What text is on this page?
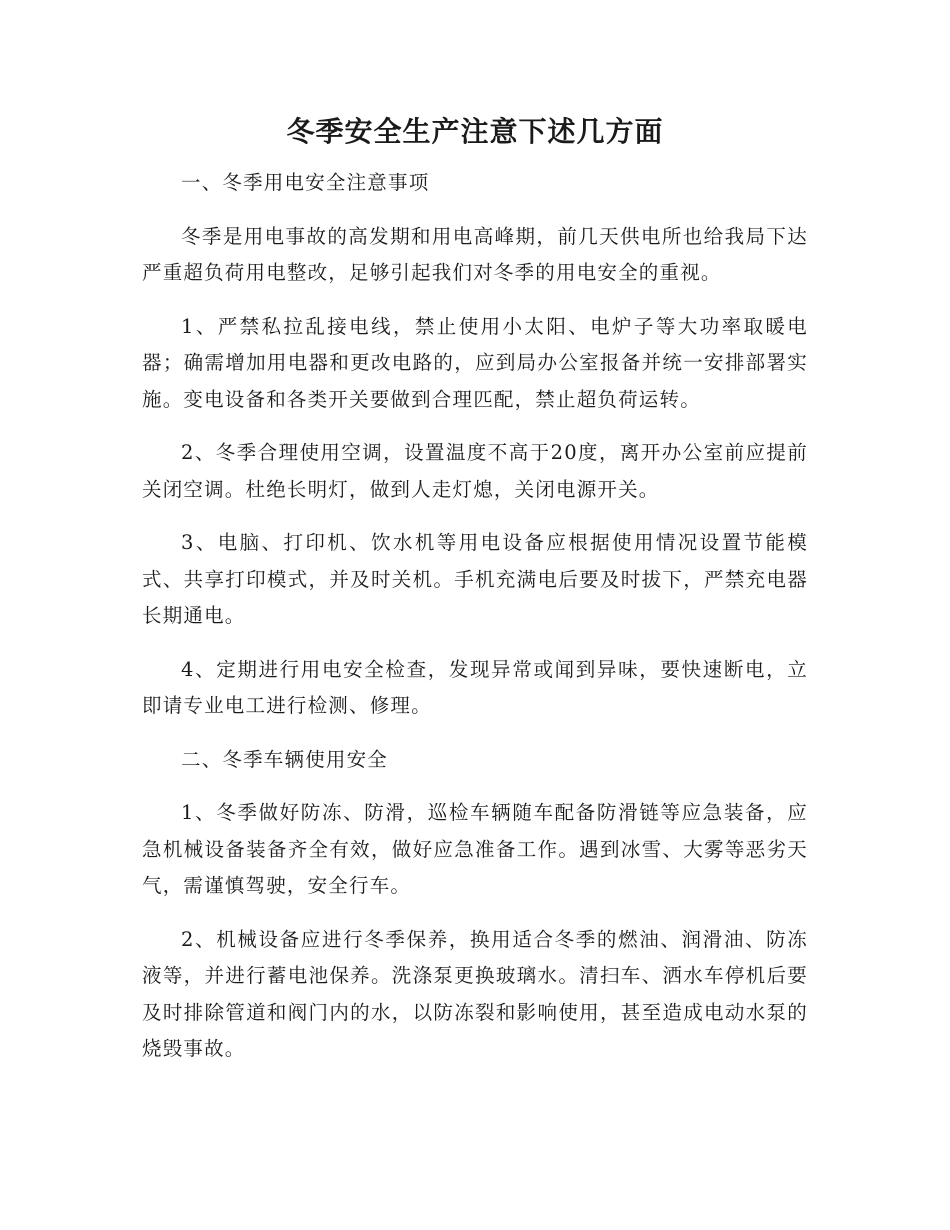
冬季安全生产注意下述几方面

一、冬季用电安全注意事项

冬季是用电事故的高发期和用电高峰期，前几天供电所也给我局下达严重超负荷用电整改，足够引起我们对冬季的用电安全的重视。

1、严禁私拉乱接电线，禁止使用小太阳、电炉子等大功率取暖电器；确需增加用电器和更改电路的，应到局办公室报备并统一安排部署实施。变电设备和各类开关要做到合理匹配，禁止超负荷运转。

2、冬季合理使用空调，设置温度不高于20度，离开办公室前应提前关闭空调。杜绝长明灯，做到人走灯熄，关闭电源开关。

3、电脑、打印机、饮水机等用电设备应根据使用情况设置节能模式、共享打印模式，并及时关机。手机充满电后要及时拔下，严禁充电器长期通电。

4、定期进行用电安全检查，发现异常或闻到异味，要快速断电，立即请专业电工进行检测、修理。

二、冬季车辆使用安全

1、冬季做好防冻、防滑，巡检车辆随车配备防滑链等应急装备，应急机械设备装备齐全有效，做好应急准备工作。遇到冰雪、大雾等恶劣天气，需谨慎驾驶，安全行车。

2、机械设备应进行冬季保养，换用适合冬季的燃油、润滑油、防冻液等，并进行蓄电池保养。洗涤泵更换玻璃水。清扫车、洒水车停机后要及时排除管道和阀门内的水，以防冻裂和影响使用，甚至造成电动水泵的烧毁事故。
